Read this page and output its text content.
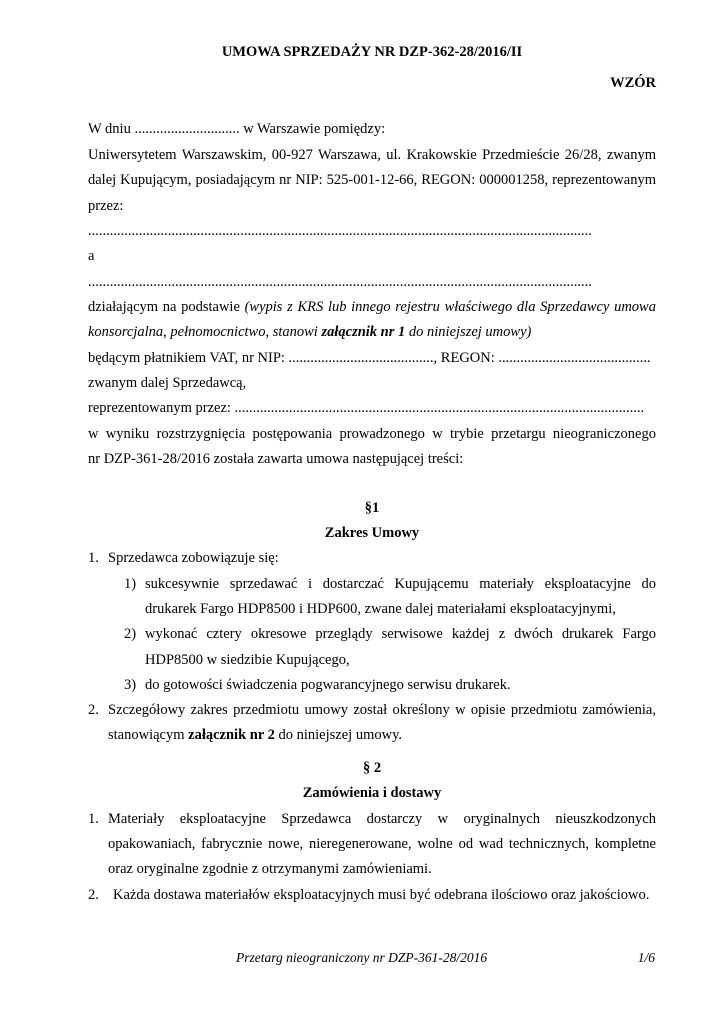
UMOWA SPRZEDAŻY NR DZP-362-28/2016/II
WZÓR
W dniu ............................. w Warszawie pomiędzy:
Uniwersytetem Warszawskim, 00-927 Warszawa, ul. Krakowskie Przedmieście 26/28, zwanym
dalej Kupującym, posiadającym nr NIP: 525-001-12-66, REGON: 000001258, reprezentowanym
przez:
...........................................................................................................................................
a
...........................................................................................................................................
działającym na podstawie (wypis z KRS lub innego rejestru właściwego dla Sprzedawcy umowa
konsorcjalna, pełnomocnictwo, stanowi załącznik nr 1 do niniejszej umowy)
będącym płatnikiem VAT, nr NIP: ........................................, REGON: ..........................................
zwanym dalej Sprzedawcą,
reprezentowanym przez: .................................................................................................................
w wyniku rozstrzygnięcia postępowania prowadzonego w trybie przetargu nieograniczonego
nr DZP-361-28/2016 została zawarta umowa następującej treści:
§1
Zakres Umowy
1. Sprzedawca zobowiązuje się:
1) sukcesywnie sprzedawać i dostarczać Kupującemu materiały eksploatacyjne do
drukarek Fargo HDP8500 i HDP600, zwane dalej materiałami eksploatacyjnymi,
2) wykonać cztery okresowe przeglądy serwisowe każdej z dwóch drukarek Fargo
HDP8500 w siedzibie Kupującego,
3) do gotowości świadczenia pogwarancyjnego serwisu drukarek.
2. Szczegółowy zakres przedmiotu umowy został określony w opisie przedmiotu zamówienia,
stanowiącym załącznik nr 2 do niniejszej umowy.
§ 2
Zamówienia i dostawy
1. Materiały eksploatacyjne Sprzedawca dostarczy w oryginalnych nieuszkodzonych
opakowaniach, fabrycznie nowe, nieregenerowane, wolne od wad technicznych, kompletne
oraz oryginalne zgodnie z otrzymanymi zamówieniami.
2. Każda dostawa materiałów eksploatacyjnych musi być odebrana ilościowo oraz jakościowo.
Przetarg nieograniczony nr DZP-361-28/2016	1/6
